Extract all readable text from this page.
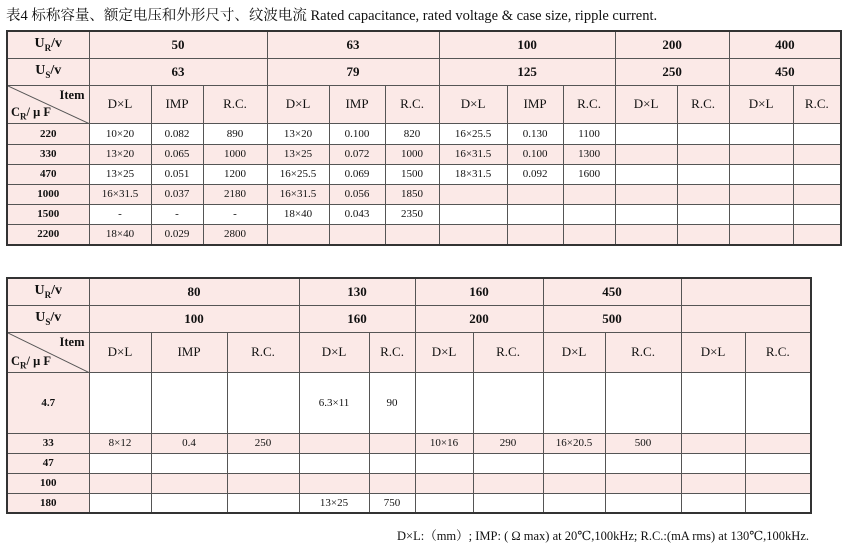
表4 标称容量、额定电压和外形尺寸、纹波电流 Rated capacitance, rated voltage & case size, ripple current.
$U_R/v$	50			63			100			200		400	
$U_S/v$	63			79			125			250		450	

Item
$C_R/$ μ F	D×L	IMP	R.C.	D×L	IMP	R.C.	D×L	IMP	R.C.	D×L	R.C.	D×L	R.C.
220	10×20	0.082	890	13×20	0.100	820	16×25.5	0.130	1100				
330	13×20	0.065	1000	13×25	0.072	1000	16×31.5	0.100	1300				
470	13×25	0.051	1200	16×25.5	0.069	1500	18×31.5	0.092	1600				
1000	16×31.5	0.037	2180	16×31.5	0.056	1850							
1500	-	-	-	18×40	0.043	2350							
2200	18×40	0.029	2800										
$U_R/v$	80			130		160		450			
$U_S/v$	100			160		200		500			

Item
$C_R/$ μ F	D×L	IMP	R.C.	D×L	R.C.	D×L	R.C.	D×L	R.C.	D×L	R.C.
4.7				6.3×11	90						
33	8×12	0.4	250			10×16	290	16×20.5	500		
47											
100											
180				13×25	750						
D×L:（mm）; IMP: ( Ω max) at 20℃,100kHz; R.C.:(mA rms) at 130℃,100kHz.
